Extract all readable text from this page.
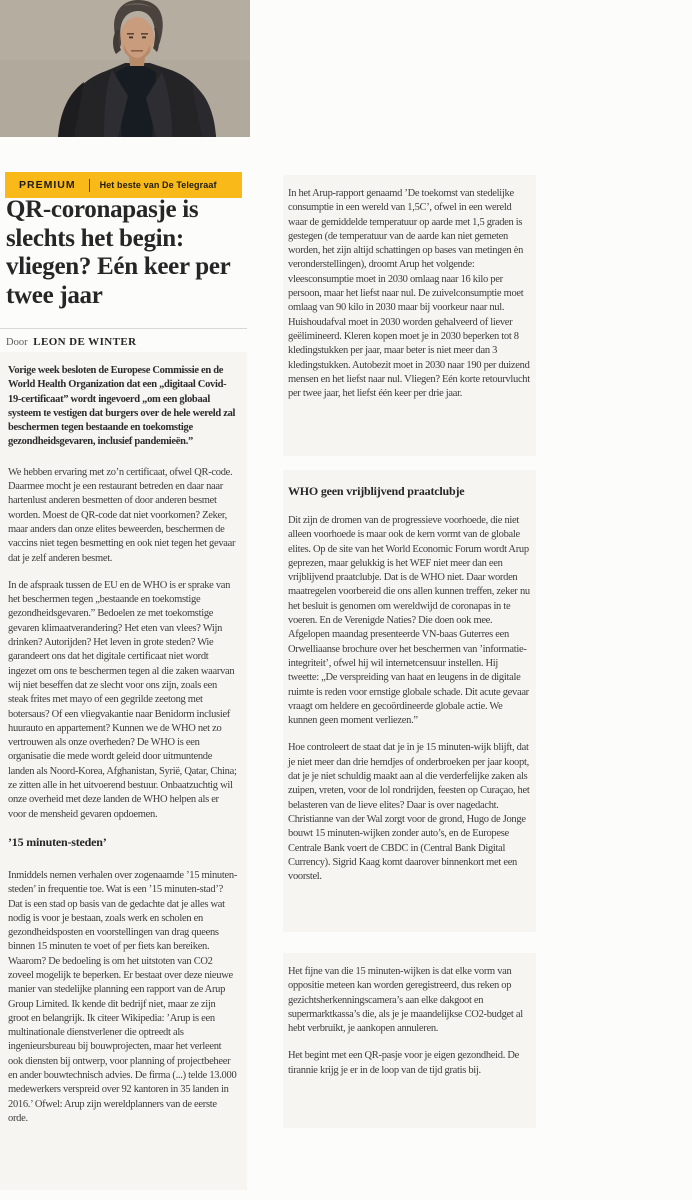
PREMIUM	Het beste van De Telegraaf
QR-coronapasje is slechts het begin: vliegen? Eén keer per twee jaar
Door LEON DE WINTER

Vorige week besloten de Europese Commissie en de World Health Organization dat een „digitaal Covid-19-certificaat” wordt ingevoerd „om een globaal systeem te vestigen dat burgers over de hele wereld zal beschermen tegen bestaande en toekomstige gezondheidsgevaren, inclusief pandemieën.”

We hebben ervaring met zo’n certificaat, ofwel QR-code. Daarmee mocht je een restaurant betreden en daar naar hartenlust anderen besmetten of door anderen besmet worden. Moest de QR-code dat niet voorkomen? Zeker, maar anders dan onze elites beweerden, beschermen de vaccins niet tegen besmetting en ook niet tegen het gevaar dat je zelf anderen besmet.

In de afspraak tussen de EU en de WHO is er sprake van het beschermen tegen „bestaande en toekomstige gezondheidsgevaren.” Bedoelen ze met toekomstige gevaren klimaatverandering? Het eten van vlees? Wijn drinken? Autorijden? Het leven in grote steden? Wie garandeert ons dat het digitale certificaat niet wordt ingezet om ons te beschermen tegen al die zaken waarvan wij niet beseffen dat ze slecht voor ons zijn, zoals een steak frites met mayo of een gegrilde zeetong met botersaus? Of een vliegvakantie naar Benidorm inclusief huurauto en appartement? Kunnen we de WHO net zo vertrouwen als onze overheden? De WHO is een organisatie die mede wordt geleid door uitmuntende landen als Noord-Korea, Afghanistan, Syrië, Qatar, China; ze zitten alle in het uitvoerend bestuur. Onbaatzuchtig wil onze overheid met deze landen de WHO helpen als er voor de mensheid gevaren opdoemen.

’15 minuten-steden’

Inmiddels nemen verhalen over zogenaamde ’15 minuten-steden’ in frequentie toe. Wat is een ’15 minuten-stad’? Dat is een stad op basis van de gedachte dat je alles wat nodig is voor je bestaan, zoals werk en scholen en gezondheidsposten en voorstellingen van drag queens binnen 15 minuten te voet of per fiets kan bereiken. Waarom? De bedoeling is om het uitstoten van CO2 zoveel mogelijk te beperken. Er bestaat over deze nieuwe manier van stedelijke planning een rapport van de Arup Group Limited. Ik kende dit bedrijf niet, maar ze zijn groot en belangrijk. Ik citeer Wikipedia: ’Arup is een multinationale dienstverlener die optreedt als ingenieursbureau bij bouwprojecten, maar het verleent ook diensten bij ontwerp, voor planning of projectbeheer en ander bouwtechnisch advies. De firma (...) telde 13.000 medewerkers verspreid over 92 kantoren in 35 landen in 2016.’ Ofwel: Arup zijn wereldplanners van de eerste orde.

In het Arup-rapport genaamd ’De toekomst van stedelijke consumptie in een wereld van 1,5C’, ofwel in een wereld waar de gemiddelde temperatuur op aarde met 1,5 graden is gestegen (de temperatuur van de aarde kan niet gemeten worden, het zijn altijd schattingen op bases van metingen èn veronderstellingen), droomt Arup het volgende: vleesconsumptie moet in 2030 omlaag naar 16 kilo per persoon, maar het liefst naar nul. De zuivelconsumptie moet omlaag van 90 kilo in 2030 maar bij voorkeur naar nul. Huishoudafval moet in 2030 worden gehalveerd of liever geëlimineerd. Kleren kopen moet je in 2030 beperken tot 8 kledingstukken per jaar, maar beter is niet meer dan 3 kledingstukken. Autobezit moet in 2030 naar 190 per duizend mensen en het liefst naar nul. Vliegen? Eén korte retourvlucht per twee jaar, het liefst één keer per drie jaar.

WHO geen vrijblijvend praatclubje

Dit zijn de dromen van de progressieve voorhoede, die niet alleen voorhoede is maar ook de kern vormt van de globale elites. Op de site van het World Economic Forum wordt Arup geprezen, maar gelukkig is het WEF niet meer dan een vrijblijvend praatclubje. Dat is de WHO niet. Daar worden maatregelen voorbereid die ons allen kunnen treffen, zeker nu het besluit is genomen om wereldwijd de coronapas in te voeren. En de Verenigde Naties? Die doen ook mee. Afgelopen maandag presenteerde VN-baas Guterres een Orwelliaanse brochure over het beschermen van ’informatie-integriteit’, ofwel hij wil internetcensuur instellen. Hij tweette: „De verspreiding van haat en leugens in de digitale ruimte is reden voor ernstige globale schade. Dit acute gevaar vraagt om heldere en gecoördineerde globale actie. We kunnen geen moment verliezen.”

Hoe controleert de staat dat je in je 15 minuten-wijk blijft, dat je niet meer dan drie hemdjes of onderbroeken per jaar koopt, dat je je niet schuldig maakt aan al die verderfelijke zaken als zuipen, vreten, voor de lol rondrijden, feesten op Curaçao, het belasteren van de lieve elites? Daar is over nagedacht. Christianne van der Wal zorgt voor de grond, Hugo de Jonge bouwt 15 minuten-wijken zonder auto’s, en de Europese Centrale Bank voert de CBDC in (Central Bank Digital Currency). Sigrid Kaag komt daarover binnenkort met een voorstel.

Het fijne van die 15 minuten-wijken is dat elke vorm van oppositie meteen kan worden geregistreerd, dus reken op gezichtsherkenningscamera’s aan elke dakgoot en supermarktkassa’s die, als je je maandelijkse CO2-budget al hebt verbruikt, je aankopen annuleren.

Het begint met een QR-pasje voor je eigen gezondheid. De tirannie krijg je er in de loop van de tijd gratis bij.
